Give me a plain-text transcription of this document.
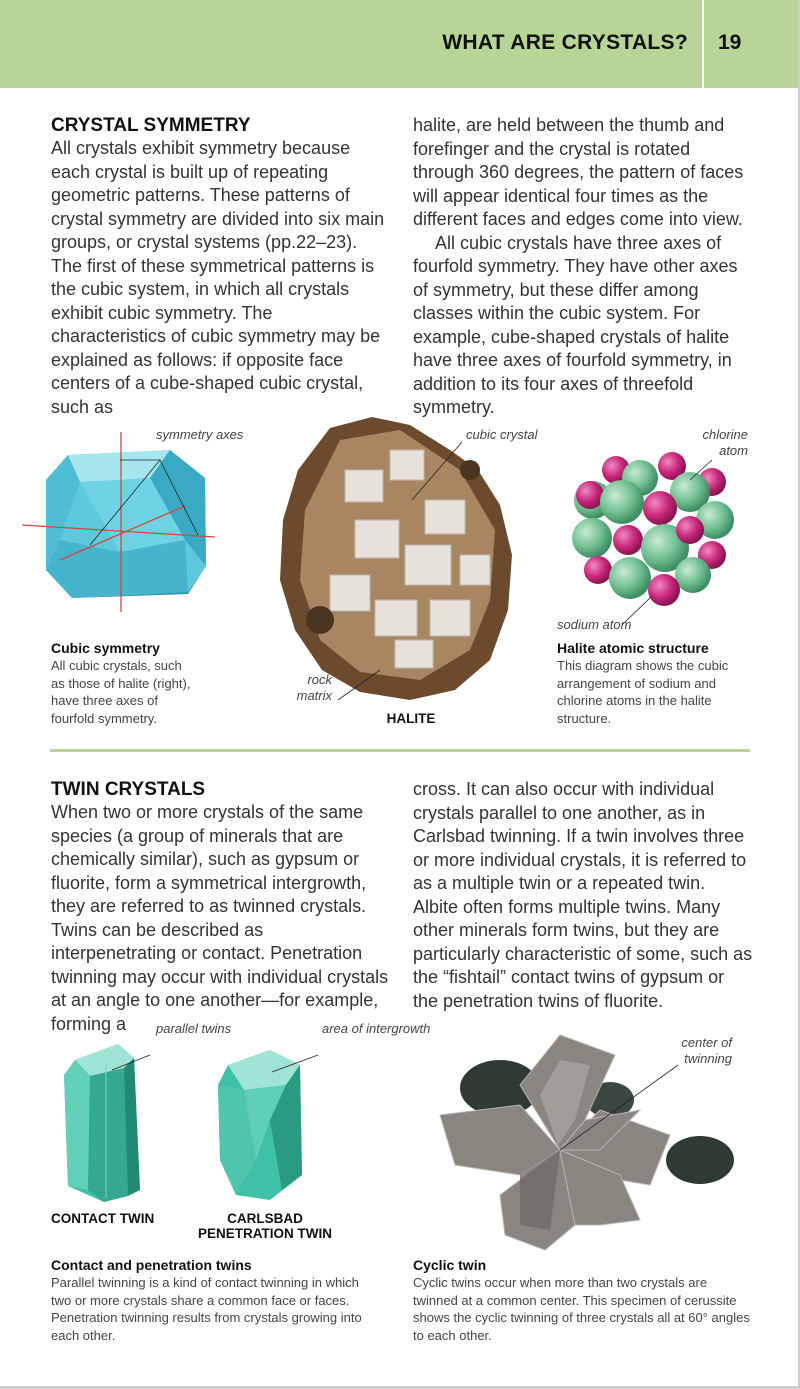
WHAT ARE CRYSTALS? 19
CRYSTAL SYMMETRY

All crystals exhibit symmetry because each crystal is built up of repeating geometric patterns. These patterns of crystal symmetry are divided into six main groups, or crystal systems (pp.22–23). The first of these symmetrical patterns is the cubic system, in which all crystals exhibit cubic symmetry. The characteristics of cubic symmetry may be explained as follows: if opposite face centers of a cube-shaped cubic crystal, such as

halite, are held between the thumb and forefinger and the crystal is rotated through 360 degrees, the pattern of faces will appear identical four times as the different faces and edges come into view.

All cubic crystals have three axes of fourfold symmetry. They have other axes of symmetry, but these differ among classes within the cubic system. For example, cube-shaped crystals of halite have three axes of fourfold symmetry, in addition to its four axes of threefold symmetry.

symmetry axes	cubic crystal
rock matrix
HALITE
chlorine atom
sodium atom
Cubic symmetry
All cubic crystals, such as those of halite (right), have three axes of fourfold symmetry.
Halite atomic structure
This diagram shows the cubic arrangement of sodium and chlorine atoms in the halite structure.
TWIN CRYSTALS

When two or more crystals of the same species (a group of minerals that are chemically similar), such as gypsum or fluorite, form a symmetrical intergrowth, they are referred to as twinned crystals. Twins can be described as interpenetrating or contact. Penetration twinning may occur with individual crystals at an angle to one another—for example, forming a

cross. It can also occur with individual crystals parallel to one another, as in Carlsbad twinning. If a twin involves three or more individual crystals, it is referred to as a multiple twin or a repeated twin. Albite often forms multiple twins. Many other minerals form twins, but they are particularly characteristic of some, such as the “fishtail” contact twins of gypsum or the penetration twins of fluorite.

parallel twins	area of intergrowth
CONTACT TWIN	CARLSBAD PENETRATION TWIN
center of twinning
Contact and penetration twins
Parallel twinning is a kind of contact twinning in which two or more crystals share a common face or faces. Penetration twinning results from crystals growing into each other.
Cyclic twin
Cyclic twins occur when more than two crystals are twinned at a common center. This specimen of cerussite shows the cyclic twinning of three crystals all at 60° angles to each other.
